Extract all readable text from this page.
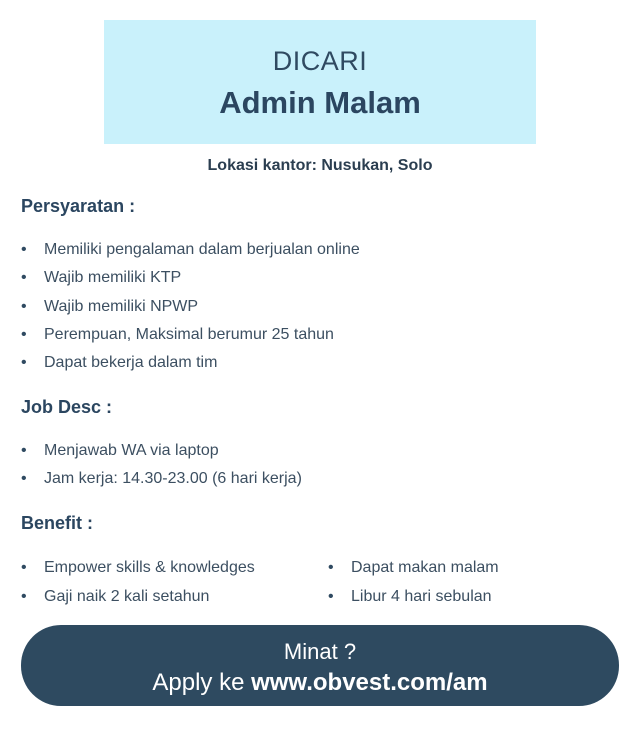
DICARI
Admin Malam
Lokasi kantor: Nusukan, Solo
Persyaratan :
• Memiliki pengalaman dalam berjualan online
• Wajib memiliki KTP
• Wajib memiliki NPWP
• Perempuan, Maksimal berumur 25 tahun
• Dapat bekerja dalam tim
Job Desc :
• Menjawab WA via laptop
• Jam kerja: 14.30-23.00 (6 hari kerja)
Benefit :
• Empower skills & knowledges
• Gaji naik 2 kali setahun
• Dapat makan malam
• Libur 4 hari sebulan
Minat ?
Apply ke www.obvest.com/am
